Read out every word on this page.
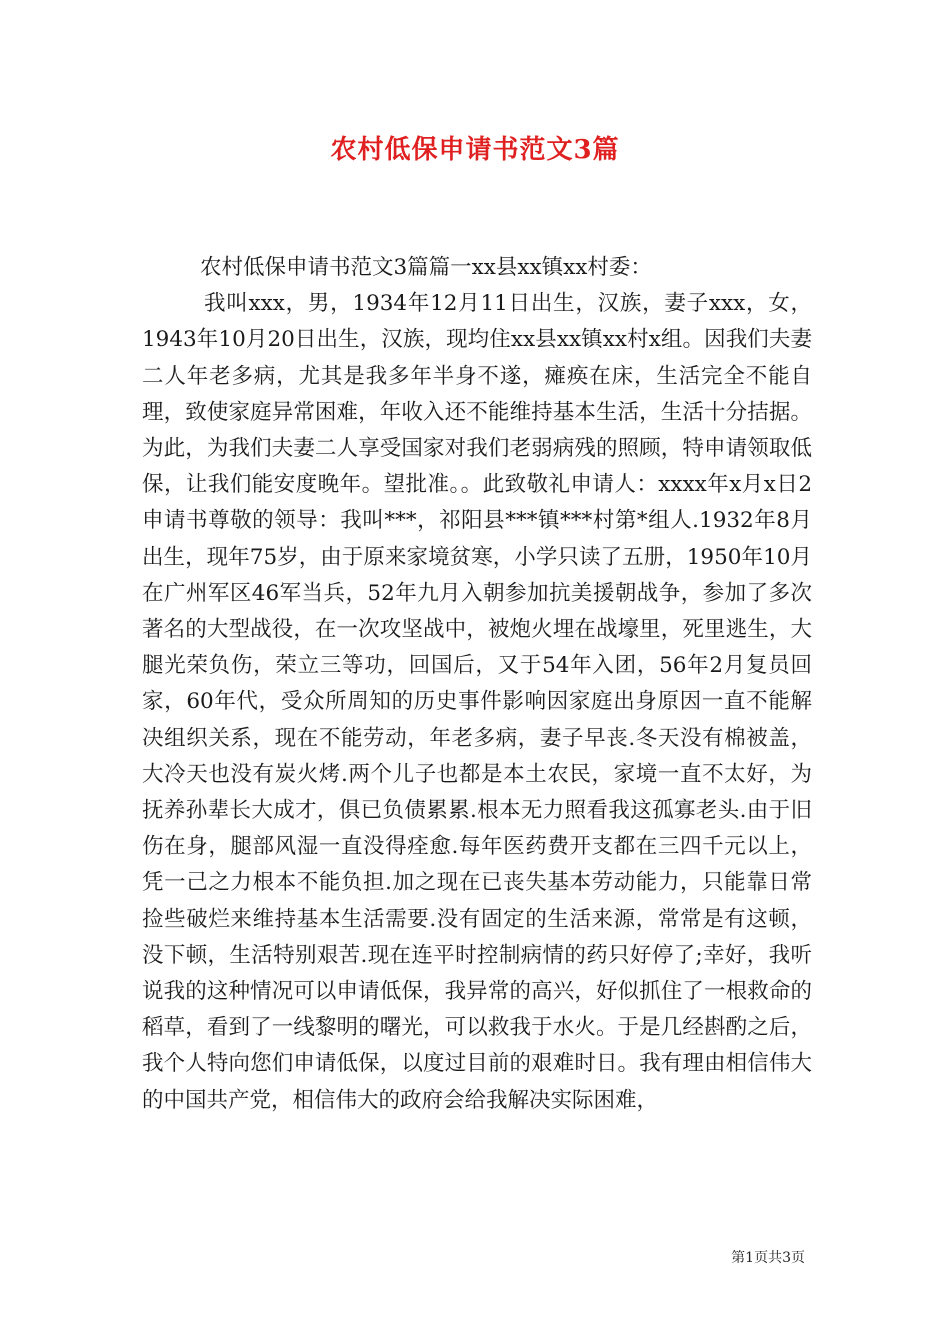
农村低保申请书范文3篇

农村低保申请书范文3篇篇一xx县xx镇xx村委：

我叫xxx，男，1934年12月11日出生，汉族，妻子xxx，女，1943年10月20日出生，汉族，现均住xx县xx镇xx村x组。因我们夫妻二人年老多病，尤其是我多年半身不遂，瘫痪在床，生活完全不能自理，致使家庭异常困难，年收入还不能维持基本生活，生活十分拮据。为此，为我们夫妻二人享受国家对我们老弱病残的照顾，特申请领取低保，让我们能安度晚年。望批准。。此致敬礼申请人：xxxx年x月x日2申请书尊敬的领导：我叫***，祁阳县***镇***村第*组人.1932年8月出生，现年75岁，由于原来家境贫寒，小学只读了五册，1950年10月在广州军区46军当兵，52年九月入朝参加抗美援朝战争，参加了多次著名的大型战役，在一次攻坚战中，被炮火埋在战壕里，死里逃生，大腿光荣负伤，荣立三等功，回国后，又于54年入团，56年2月复员回家，60年代，受众所周知的历史事件影响因家庭出身原因一直不能解决组织关系，现在不能劳动，年老多病，妻子早丧.冬天没有棉被盖，大冷天也没有炭火烤.两个儿子也都是本土农民，家境一直不太好，为抚养孙辈长大成才，俱已负债累累.根本无力照看我这孤寡老头.由于旧伤在身，腿部风湿一直没得痊愈.每年医药费开支都在三四千元以上，凭一己之力根本不能负担.加之现在已丧失基本劳动能力，只能靠日常捡些破烂来维持基本生活需要.没有固定的生活来源，常常是有这顿，没下顿，生活特别艰苦.现在连平时控制病情的药只好停了;幸好，我听说我的这种情况可以申请低保，我异常的高兴，好似抓住了一根救命的稻草，看到了一线黎明的曙光，可以救我于水火。于是几经斟酌之后，我个人特向您们申请低保，以度过目前的艰难时日。我有理由相信伟大的中国共产党，相信伟大的政府会给我解决实际困难，

第1页共3页
